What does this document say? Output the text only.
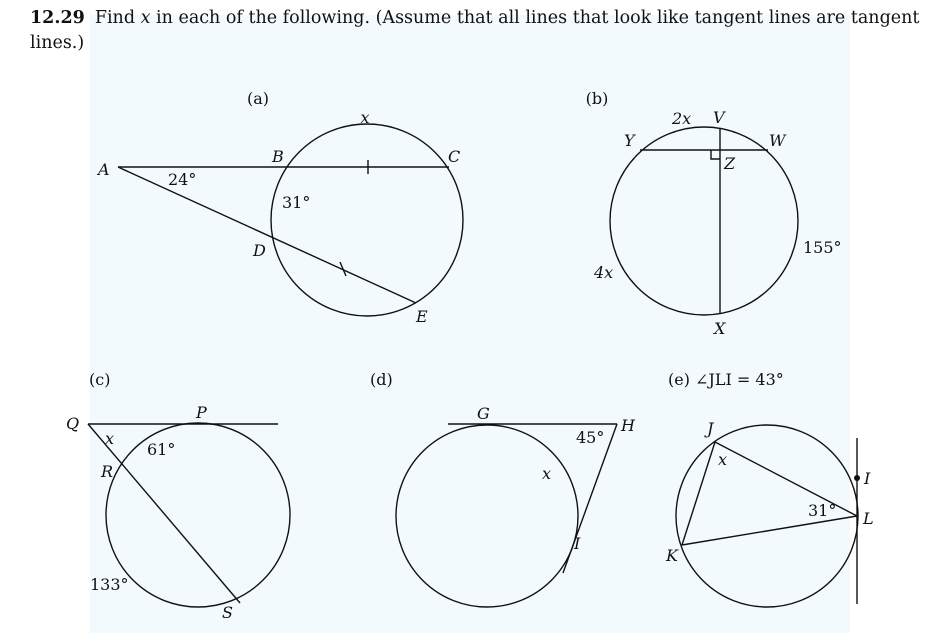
12.29 Find x in each of the following. (Assume that all lines that look like tangent lines are tangent lines.)
(a)
x
A
B	C
D
E
24°
31°
(b)
Y
2x V
W
Z
4x
155°
X
(c)
Q
P
x
61°
R
133°
S
(d)
G
45°
H
x
I
(e) ∠JLI = 43°
J
x
I
31° L
K
